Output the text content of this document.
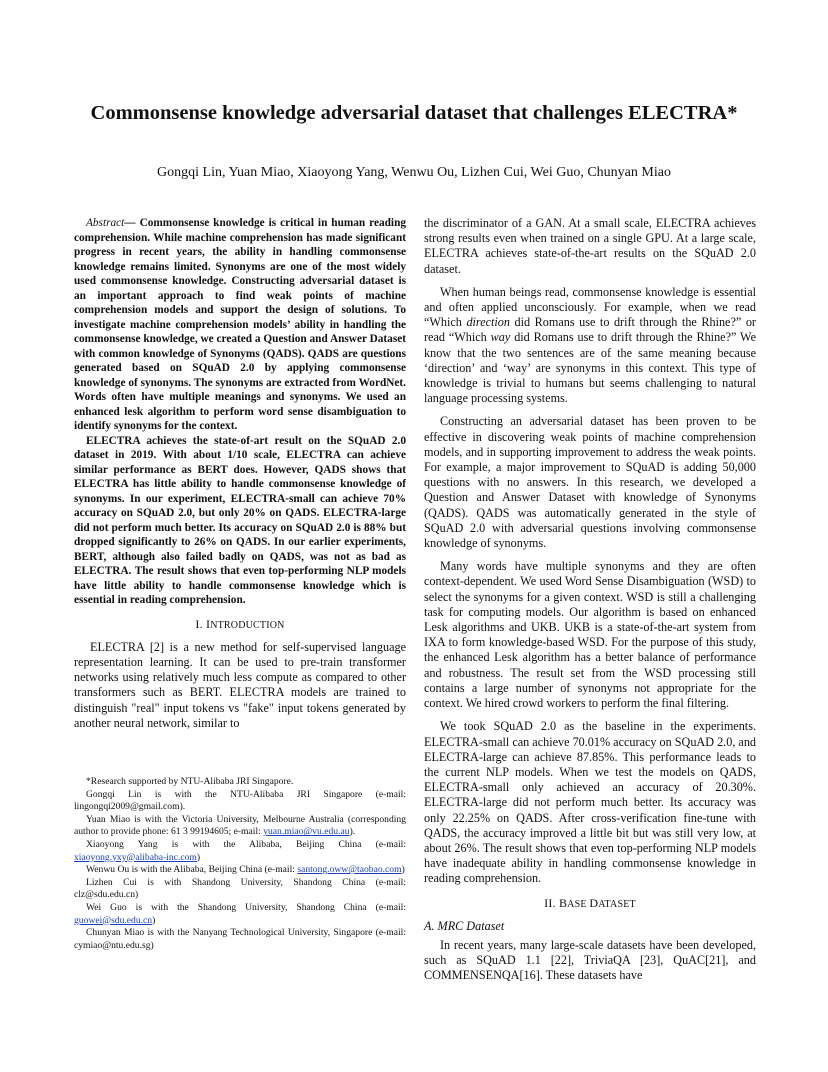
Commonsense knowledge adversarial dataset that challenges ELECTRA*
Gongqi Lin, Yuan Miao, Xiaoyong Yang, Wenwu Ou, Lizhen Cui, Wei Guo, Chunyan Miao

Abstract— Commonsense knowledge is critical in human reading comprehension. While machine comprehension has made significant progress in recent years, the ability in handling commonsense knowledge remains limited. Synonyms are one of the most widely used commonsense knowledge. Constructing adversarial dataset is an important approach to find weak points of machine comprehension models and support the design of solutions. To investigate machine comprehension models’ ability in handling the commonsense knowledge, we created a Question and Answer Dataset with common knowledge of Synonyms (QADS). QADS are questions generated based on SQuAD 2.0 by applying commonsense knowledge of synonyms. The synonyms are extracted from WordNet. Words often have multiple meanings and synonyms. We used an enhanced lesk algorithm to perform word sense disambiguation to identify synonyms for the context.

ELECTRA achieves the state-of-art result on the SQuAD 2.0 dataset in 2019. With about 1/10 scale, ELECTRA can achieve similar performance as BERT does. However, QADS shows that ELECTRA has little ability to handle commonsense knowledge of synonyms. In our experiment, ELECTRA-small can achieve 70% accuracy on SQuAD 2.0, but only 20% on QADS. ELECTRA-large did not perform much better. Its accuracy on SQuAD 2.0 is 88% but dropped significantly to 26% on QADS. In our earlier experiments, BERT, although also failed badly on QADS, was not as bad as ELECTRA. The result shows that even top-performing NLP models have little ability to handle commonsense knowledge which is essential in reading comprehension.

I. INTRODUCTION

ELECTRA [2] is a new method for self-supervised language representation learning. It can be used to pre-train transformer networks using relatively much less compute as compared to other transformers such as BERT. ELECTRA models are trained to distinguish "real" input tokens vs "fake" input tokens generated by another neural network, similar to

*Research supported by NTU-Alibaba JRI Singapore.

Gongqi Lin is with the NTU-Alibaba JRI Singapore (e-mail: lingongqi2009@gmail.com).

Yuan Miao is with the Victoria University, Melbourne Australia (corresponding author to provide phone: 61 3 99194605; e-mail: yuan.miao@vu.edu.au).

Xiaoyong Yang is with the Alibaba, Beijing China (e-mail: xiaoyong.yxy@alibaba-inc.com)

Wenwu Ou is with the Alibaba, Beijing China (e-mail: santong.oww@taobao.com)

Lizhen Cui is with Shandong University, Shandong China (e-mail: clz@sdu.edu.cn)

Wei Guo is with the Shandong University, Shandong China (e-mail: guowei@sdu.edu.cn)

Chunyan Miao is with the Nanyang Technological University, Singapore (e-mail: cymiao@ntu.edu.sg)

the discriminator of a GAN. At a small scale, ELECTRA achieves strong results even when trained on a single GPU. At a large scale, ELECTRA achieves state-of-the-art results on the SQuAD 2.0 dataset.

When human beings read, commonsense knowledge is essential and often applied unconsciously. For example, when we read “Which direction did Romans use to drift through the Rhine?” or read “Which way did Romans use to drift through the Rhine?” We know that the two sentences are of the same meaning because ‘direction’ and ‘way’ are synonyms in this context. This type of knowledge is trivial to humans but seems challenging to natural language processing systems.

Constructing an adversarial dataset has been proven to be effective in discovering weak points of machine comprehension models, and in supporting improvement to address the weak points. For example, a major improvement to SQuAD is adding 50,000 questions with no answers. In this research, we developed a Question and Answer Dataset with knowledge of Synonyms (QADS). QADS was automatically generated in the style of SQuAD 2.0 with adversarial questions involving commonsense knowledge of synonyms.

Many words have multiple synonyms and they are often context-dependent. We used Word Sense Disambiguation (WSD) to select the synonyms for a given context. WSD is still a challenging task for computing models. Our algorithm is based on enhanced Lesk algorithms and UKB. UKB is a state-of-the-art system from IXA to form knowledge-based WSD. For the purpose of this study, the enhanced Lesk algorithm has a better balance of performance and robustness. The result set from the WSD processing still contains a large number of synonyms not appropriate for the context. We hired crowd workers to perform the final filtering.

We took SQuAD 2.0 as the baseline in the experiments. ELECTRA-small can achieve 70.01% accuracy on SQuAD 2.0, and ELECTRA-large can achieve 87.85%. This performance leads to the current NLP models. When we test the models on QADS, ELECTRA-small only achieved an accuracy of 20.30%. ELECTRA-large did not perform much better. Its accuracy was only 22.25% on QADS. After cross-verification fine-tune with QADS, the accuracy improved a little bit but was still very low, at about 26%. The result shows that even top-performing NLP models have inadequate ability in handling commonsense knowledge in reading comprehension.

II. BASE DATASET

A. MRC Dataset

In recent years, many large-scale datasets have been developed, such as SQuAD 1.1 [22], TriviaQA [23], QuAC[21], and COMMENSENQA[16]. These datasets have
